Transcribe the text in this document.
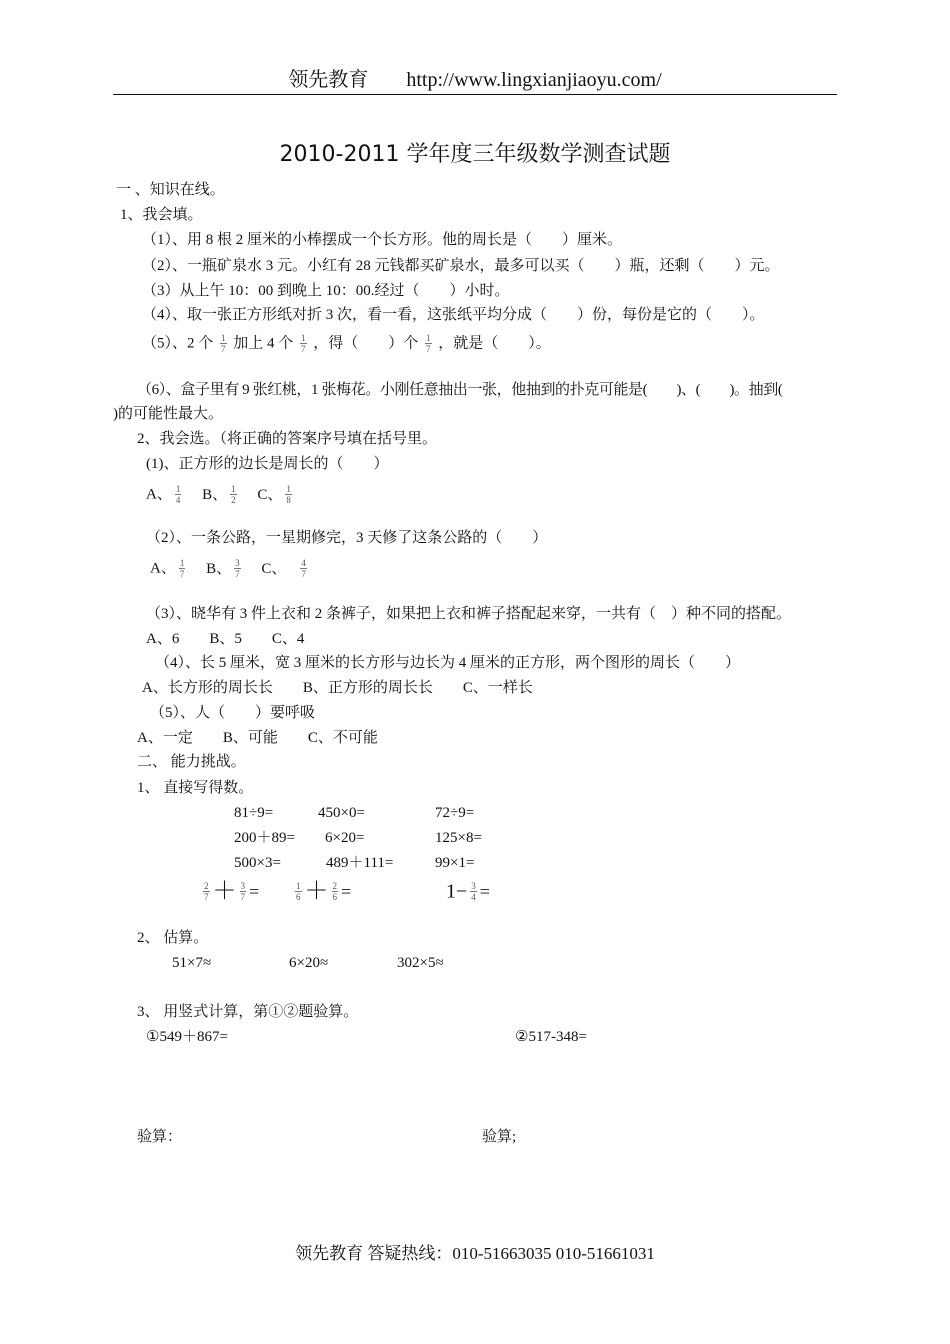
领先教育 http://www.lingxianjiaoyu.com/
2010-2011 学年度三年级数学测查试题
一 、知识在线。
1、我会填。
（1）、用 8 根 2 厘米的小棒摆成一个长方形。他的周长是（　　）厘米。
（2）、一瓶矿泉水 3 元。小红有 28 元钱都买矿泉水，最多可以买（　　）瓶，还剩（　　）元。
（3）从上午 10：00 到晚上 10：00.经过（　　）小时。
（4）、取一张正方形纸对折 3 次，看一看，这张纸平均分成（　　）份，每份是它的（　　）。
（5）、2 个 $\frac{1}{7}$ 加上 4 个 $\frac{1}{7}$ ，得（　　）个 $\frac{1}{7}$ ，就是（　　）。
（6）、盒子里有 9 张红桃，1 张梅花。小刚任意抽出一张，他抽到的扑克可能是(　　)、(　　)。抽到(
)的可能性最大。
2、我会选。（将正确的答案序号填在括号里。
(1)、正方形的边长是周长的（　　）
A、 $\frac{1}{4}$ B、 $\frac{1}{2}$ C、 $\frac{1}{8}$
（2）、一条公路，一星期修完，3 天修了这条公路的（　　）
A、 $\frac{1}{7}$ B、 $\frac{3}{7}$ C、 $\frac{4}{7}$
（3）、晓华有 3 件上衣和 2 条裤子，如果把上衣和裤子搭配起来穿，一共有（　）种不同的搭配。
A、6　　B、5　　C、4
（4）、长 5 厘米，宽 3 厘米的长方形与边长为 4 厘米的正方形，两个图形的周长（　　）
A、长方形的周长长　　B、正方形的周长长　　C、一样长
（5）、人（　　）要呼吸
A、一定　　B、可能　　C、不可能
二、 能力挑战。
1、 直接写得数。
81÷9=	450×0=	72÷9=
200＋89= 6×20=	125×8=
500×3=	489＋111=	99×1=
$\frac{2}{7} + \frac{3}{7}$ =	$\frac{1}{6} + \frac{2}{6}$ =	$1- \frac{3}{4}$ =
2、 估算。
51×7≈	6×20≈	302×5≈
3、 用竖式计算，第①②题验算。
①549＋867=	②517-348=
验算：	验算;
领先教育 答疑热线：010-51663035 010-51661031
